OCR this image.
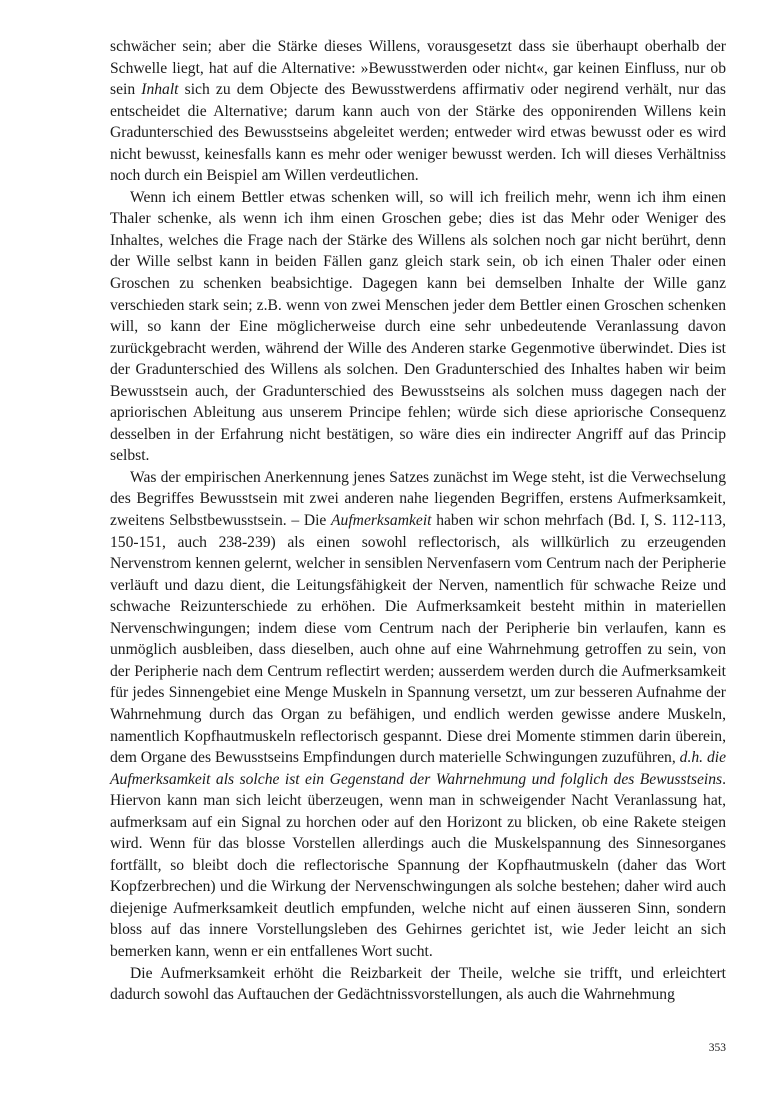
schwächer sein; aber die Stärke dieses Willens, vorausgesetzt dass sie überhaupt oberhalb der Schwelle liegt, hat auf die Alternative: »Bewusstwerden oder nicht«, gar keinen Einfluss, nur ob sein Inhalt sich zu dem Objecte des Bewusstwerdens affirmativ oder negirend verhält, nur das entscheidet die Alternative; darum kann auch von der Stärke des opponirenden Willens kein Gradunterschied des Bewusstseins abgeleitet werden; entweder wird etwas bewusst oder es wird nicht bewusst, keinesfalls kann es mehr oder weniger bewusst werden. Ich will dieses Verhältniss noch durch ein Beispiel am Willen verdeutlichen.

Wenn ich einem Bettler etwas schenken will, so will ich freilich mehr, wenn ich ihm einen Thaler schenke, als wenn ich ihm einen Groschen gebe; dies ist das Mehr oder Weniger des Inhaltes, welches die Frage nach der Stärke des Willens als solchen noch gar nicht berührt, denn der Wille selbst kann in beiden Fällen ganz gleich stark sein, ob ich einen Thaler oder einen Groschen zu schenken beabsichtige. Dagegen kann bei demselben Inhalte der Wille ganz verschieden stark sein; z.B. wenn von zwei Menschen jeder dem Bettler einen Groschen schenken will, so kann der Eine möglicherweise durch eine sehr unbedeutende Veranlassung davon zurückgebracht werden, während der Wille des Anderen starke Gegenmotive überwindet. Dies ist der Gradunterschied des Willens als solchen. Den Gradunterschied des Inhaltes haben wir beim Bewusstsein auch, der Gradunterschied des Bewusstseins als solchen muss dagegen nach der apriorischen Ableitung aus unserem Principe fehlen; würde sich diese apriorische Consequenz desselben in der Erfahrung nicht bestätigen, so wäre dies ein indirecter Angriff auf das Princip selbst.

Was der empirischen Anerkennung jenes Satzes zunächst im Wege steht, ist die Verwechselung des Begriffes Bewusstsein mit zwei anderen nahe liegenden Begriffen, erstens Aufmerksamkeit, zweitens Selbstbewusstsein. – Die Aufmerksamkeit haben wir schon mehrfach (Bd. I, S. 112-113, 150-151, auch 238-239) als einen sowohl reflectorisch, als willkürlich zu erzeugenden Nervenstrom kennen gelernt, welcher in sensiblen Nervenfasern vom Centrum nach der Peripherie verläuft und dazu dient, die Leitungsfähigkeit der Nerven, namentlich für schwache Reize und schwache Reizunterschiede zu erhöhen. Die Aufmerksamkeit besteht mithin in materiellen Nervenschwingungen; indem diese vom Centrum nach der Peripherie bin verlaufen, kann es unmöglich ausbleiben, dass dieselben, auch ohne auf eine Wahrnehmung getroffen zu sein, von der Peripherie nach dem Centrum reflectirt werden; ausserdem werden durch die Aufmerksamkeit für jedes Sinnengebiet eine Menge Muskeln in Spannung versetzt, um zur besseren Aufnahme der Wahrnehmung durch das Organ zu befähigen, und endlich werden gewisse andere Muskeln, namentlich Kopfhautmuskeln reflectorisch gespannt. Diese drei Momente stimmen darin überein, dem Organe des Bewusstseins Empfindungen durch materielle Schwingungen zuzuführen, d.h. die Aufmerksamkeit als solche ist ein Gegenstand der Wahrnehmung und folglich des Bewusstseins. Hiervon kann man sich leicht überzeugen, wenn man in schweigender Nacht Veranlassung hat, aufmerksam auf ein Signal zu horchen oder auf den Horizont zu blicken, ob eine Rakete steigen wird. Wenn für das blosse Vorstellen allerdings auch die Muskelspannung des Sinnesorganes fortfällt, so bleibt doch die reflectorische Spannung der Kopfhautmuskeln (daher das Wort Kopfzerbrechen) und die Wirkung der Nervenschwingungen als solche bestehen; daher wird auch diejenige Aufmerksamkeit deutlich empfunden, welche nicht auf einen äusseren Sinn, sondern bloss auf das innere Vorstellungsleben des Gehirnes gerichtet ist, wie Jeder leicht an sich bemerken kann, wenn er ein entfallenes Wort sucht.

Die Aufmerksamkeit erhöht die Reizbarkeit der Theile, welche sie trifft, und erleichtert dadurch sowohl das Auftauchen der Gedächtnissvorstellungen, als auch die Wahrnehmung

353
